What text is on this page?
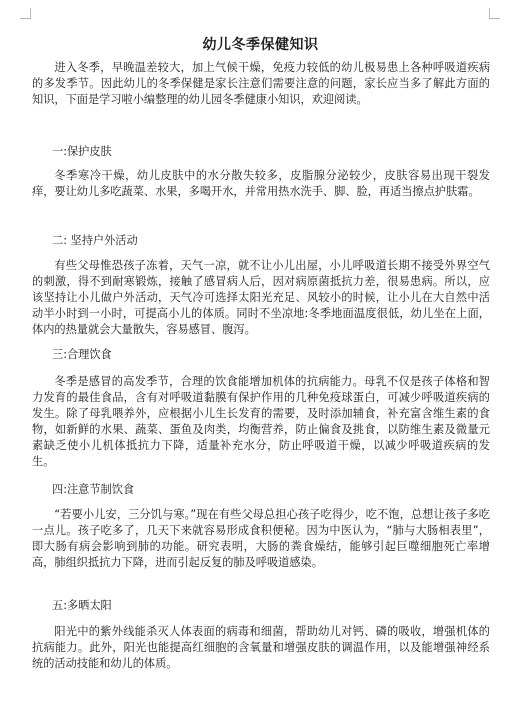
幼儿冬季保健知识

进入冬季，早晚温差较大，加上气候干燥，免疫力较低的幼儿极易患上各种呼吸道疾病的多发季节。因此幼儿的冬季保健是家长注意们需要注意的问题，家长应当多了解此方面的知识，下面是学习啦小编整理的幼儿园冬季健康小知识，欢迎阅读。

一:保护皮肤

冬季寒冷干燥，幼儿皮肤中的水分散失较多，皮脂腺分泌较少，皮肤容易出现干裂发痒，要让幼儿多吃蔬菜、水果，多喝开水，并常用热水洗手、脚、脸，再适当擦点护肤霜。

二: 坚持户外活动

有些父母惟恐孩子冻着，天气一凉，就不让小儿出屋，小儿呼吸道长期不接受外界空气的刺激，得不到耐寒锻炼，接触了感冒病人后，因对病原菌抵抗力差，很易患病。所以，应该坚持让小儿做户外活动，天气冷可选择太阳光充足、风较小的时候，让小儿在大自然中活动半小时到一小时，可提高小儿的体质。同时不坐凉地:冬季地面温度很低，幼儿坐在上面，体内的热量就会大量散失，容易感冒、腹泻。

三:合理饮食

冬季是感冒的高发季节，合理的饮食能增加机体的抗病能力。母乳不仅是孩子体格和智力发育的最佳食品，含有对呼吸道黏膜有保护作用的几种免疫球蛋白，可减少呼吸道疾病的发生。除了母乳喂养外，应根据小儿生长发育的需要，及时添加辅食，补充富含维生素的食物，如新鲜的水果、蔬菜、蛋鱼及肉类，均衡营养，防止偏食及挑食，以防维生素及微量元素缺乏使小儿机体抵抗力下降，适量补充水分，防止呼吸道干燥，以减少呼吸道疾病的发生。

四:注意节制饮食

“若要小儿安，三分饥与寒。”现在有些父母总担心孩子吃得少，吃不饱，总想让孩子多吃一点儿。孩子吃多了，几天下来就容易形成食积便秘。因为中医认为，“肺与大肠相表里”，即大肠有病会影响到肺的功能。研究表明，大肠的粪食燥结，能够引起巨噬细胞死亡率增高，肺组织抵抗力下降，进而引起反复的肺及呼吸道感染。

五:多晒太阳

阳光中的紫外线能杀灭人体表面的病毒和细菌，帮助幼儿对钙、磷的吸收，增强机体的抗病能力。此外，阳光也能提高红细胞的含氧量和增强皮肤的调温作用，以及能增强神经系统的活动技能和幼儿的体质。
